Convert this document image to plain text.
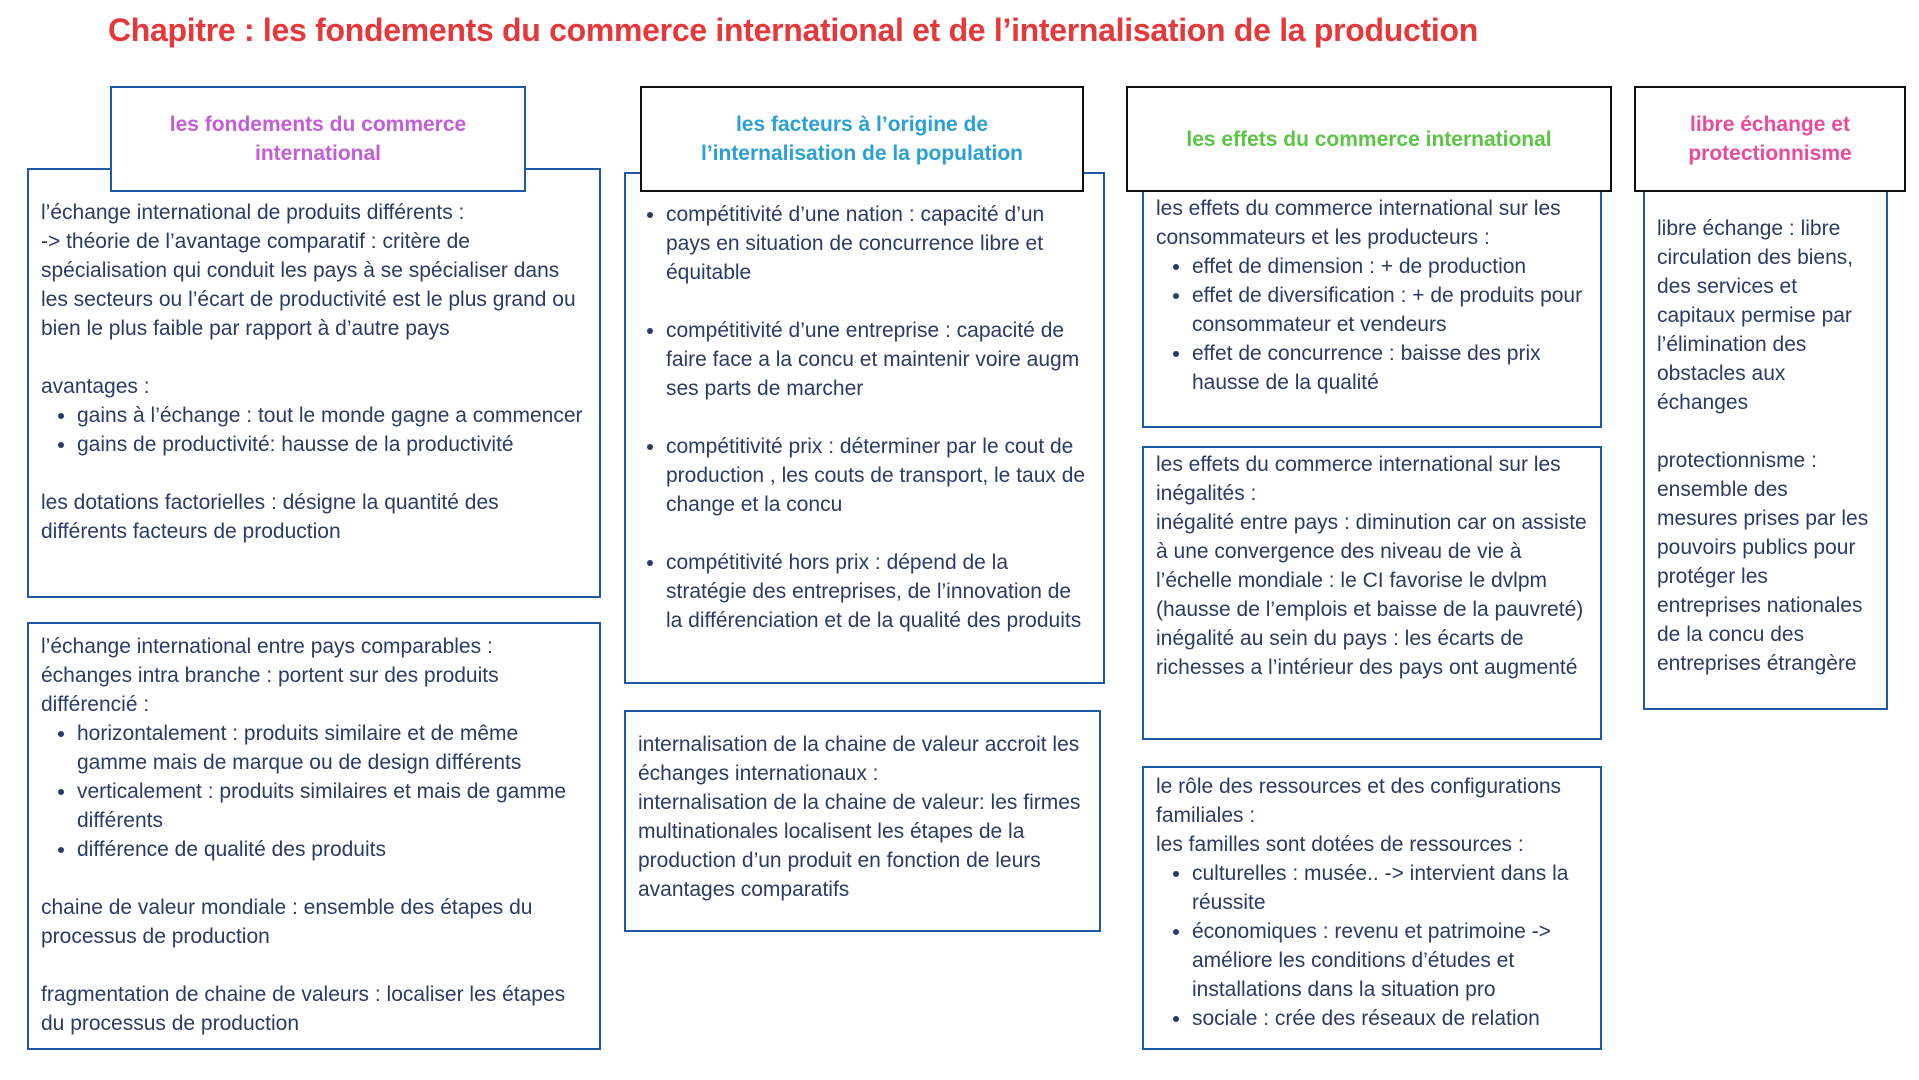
Chapitre : les fondements du commerce international et de l’internalisation de la production
les fondements du commerce international

l’échange international de produits différents :

-> théorie de l’avantage comparatif : critère de spécialisation qui conduit les pays à se spécialiser dans les secteurs ou l’écart de productivité est le plus grand ou bien le plus faible par rapport à d’autre pays

avantages :

• gains à l’échange : tout le monde gagne a commencer
• gains de productivité: hausse de la productivité

les dotations factorielles : désigne la quantité des différents facteurs de production

l’échange international entre pays comparables :

échanges intra branche : portent sur des produits différencié :

• horizontalement : produits similaire et de même gamme mais de marque ou de design différents
• verticalement : produits similaires et mais de gamme différents
• différence de qualité des produits

chaine de valeur mondiale : ensemble des étapes du processus de production

fragmentation de chaine de valeurs : localiser les étapes du processus de production

les facteurs à l’origine de l’internalisation de la population
• compétitivité d’une nation : capacité d’un pays en situation de concurrence libre et équitable
• compétitivité d’une entreprise : capacité de faire face a la concu et maintenir voire augm ses parts de marcher
• compétitivité prix : déterminer par le cout de production , les couts de transport, le taux de change et la concu
• compétitivité hors prix : dépend de la stratégie des entreprises, de l’innovation de la différenciation et de la qualité des produits

internalisation de la chaine de valeur accroit les échanges internationaux :

internalisation de la chaine de valeur: les firmes multinationales localisent les étapes de la production d’un produit en fonction de leurs avantages comparatifs

les effets du commerce international

les effets du commerce international sur les consommateurs et les producteurs :

• effet de dimension : + de production
• effet de diversification : + de produits pour consommateur et vendeurs
• effet de concurrence : baisse des prix hausse de la qualité

les effets du commerce international sur les inégalités :

inégalité entre pays : diminution car on assiste à une convergence des niveau de vie à l’échelle mondiale : le CI favorise le dvlpm (hausse de l’emplois et baisse de la pauvreté)

inégalité au sein du pays : les écarts de richesses a l’intérieur des pays ont augmenté

le rôle des ressources et des configurations familiales :

les familles sont dotées de ressources :

• culturelles : musée.. -> intervient dans la réussite
• économiques : revenu et patrimoine -> améliore les conditions d’études et installations dans la situation pro
• sociale : crée des réseaux de relation
libre échange et protectionnisme

libre échange : libre circulation des biens, des services et capitaux permise par l’élimination des obstacles aux échanges

protectionnisme : ensemble des mesures prises par les pouvoirs publics pour protéger les entreprises nationales de la concu des entreprises étrangère
